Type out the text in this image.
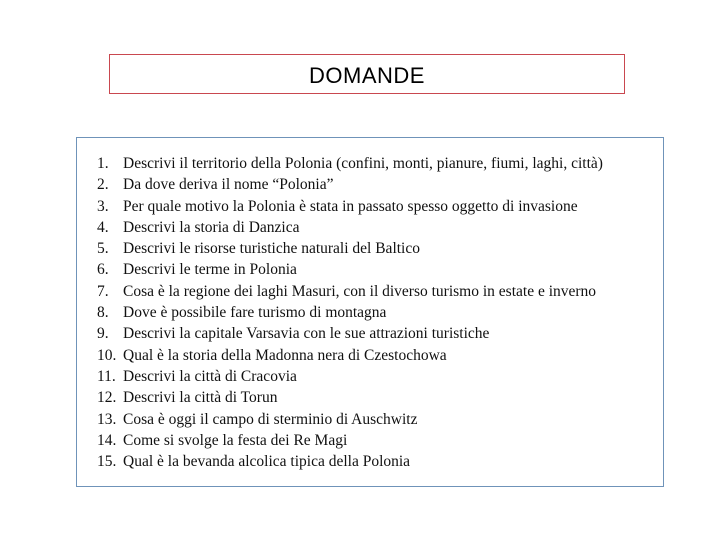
DOMANDE
1. Descrivi il territorio della Polonia (confini, monti, pianure, fiumi, laghi, città)
2. Da dove deriva il nome “Polonia”
3. Per quale motivo la Polonia è stata in passato spesso oggetto di invasione
4. Descrivi la storia di Danzica
5. Descrivi le risorse turistiche naturali del Baltico
6. Descrivi le terme in Polonia
7. Cosa è la regione dei laghi Masuri, con il diverso turismo in estate e inverno
8. Dove è possibile fare turismo di montagna
9. Descrivi la capitale Varsavia con le sue attrazioni turistiche
10. Qual è la storia della Madonna nera di Czestochowa
11. Descrivi la città di Cracovia
12. Descrivi la città di Torun
13. Cosa è oggi il campo di sterminio di Auschwitz
14. Come si svolge la festa dei Re Magi
15. Qual è la bevanda alcolica tipica della Polonia
